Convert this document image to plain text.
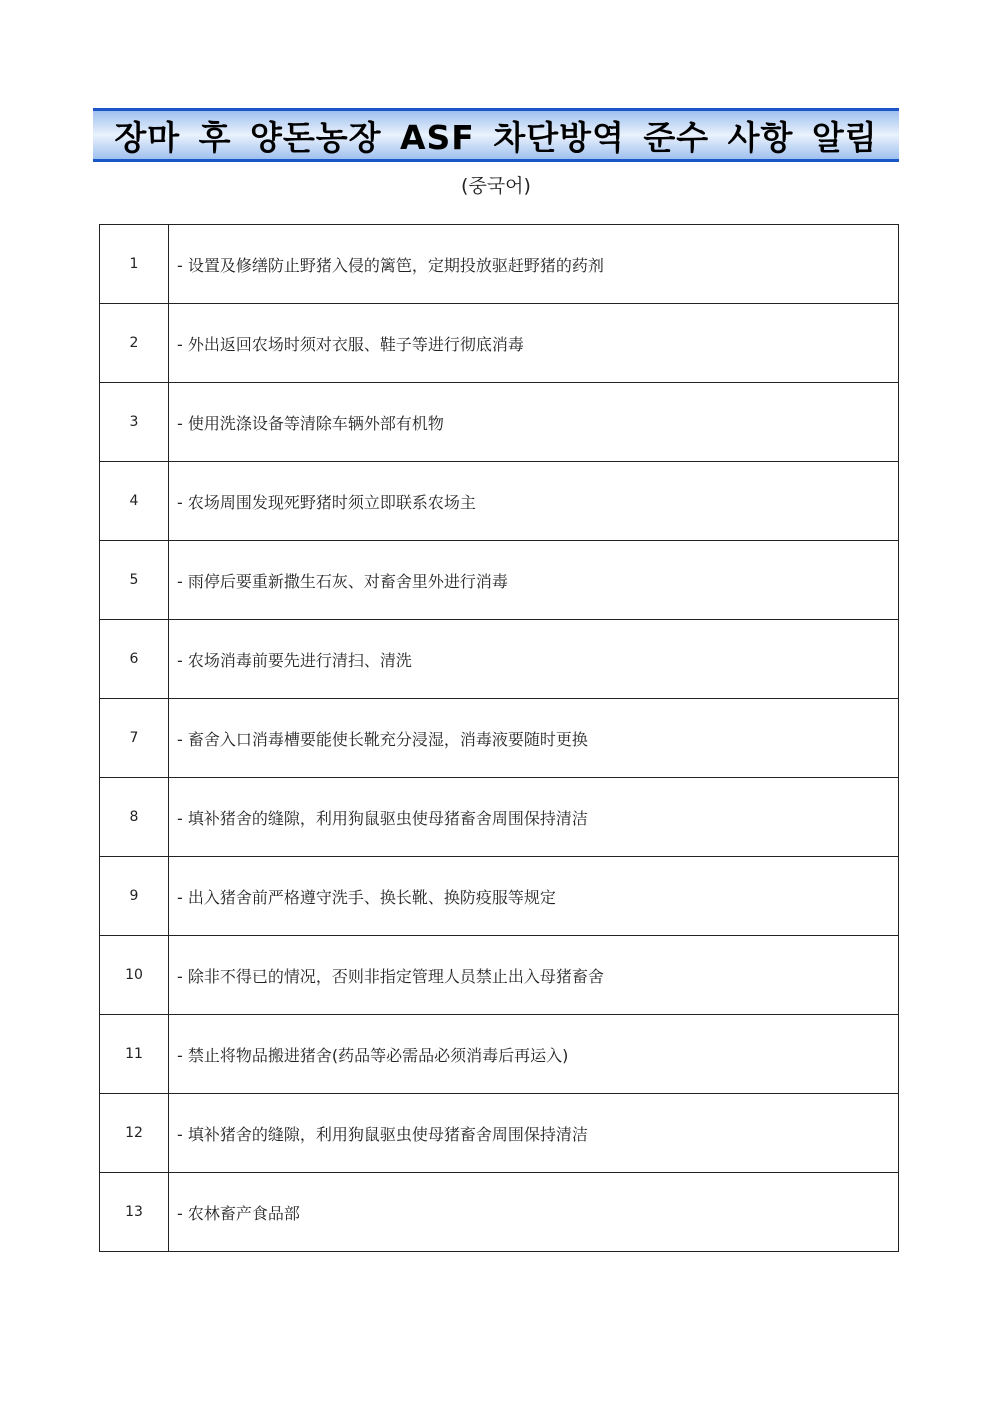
장마 후 양돈농장 ASF 차단방역 준수 사항 알림
(중국어)
1	- 设置及修缮防止野猪入侵的篱笆，定期投放驱赶野猪的药剂
2	- 外出返回农场时须对衣服、鞋子等进行彻底消毒
3	- 使用洗涤设备等清除车辆外部有机物
4	- 农场周围发现死野猪时须立即联系农场主
5	- 雨停后要重新撒生石灰、对畜舍里外进行消毒
6	- 农场消毒前要先进行清扫、清洗
7	- 畜舍入口消毒槽要能使长靴充分浸湿，消毒液要随时更换
8	- 填补猪舍的缝隙，利用狗鼠驱虫使母猪畜舍周围保持清洁
9	- 出入猪舍前严格遵守洗手、换长靴、换防疫服等规定
10	- 除非不得已的情况，否则非指定管理人员禁止出入母猪畜舍
11	- 禁止将物品搬进猪舍(药品等必需品必须消毒后再运入)
12	- 填补猪舍的缝隙，利用狗鼠驱虫使母猪畜舍周围保持清洁
13	- 农林畜产食品部
